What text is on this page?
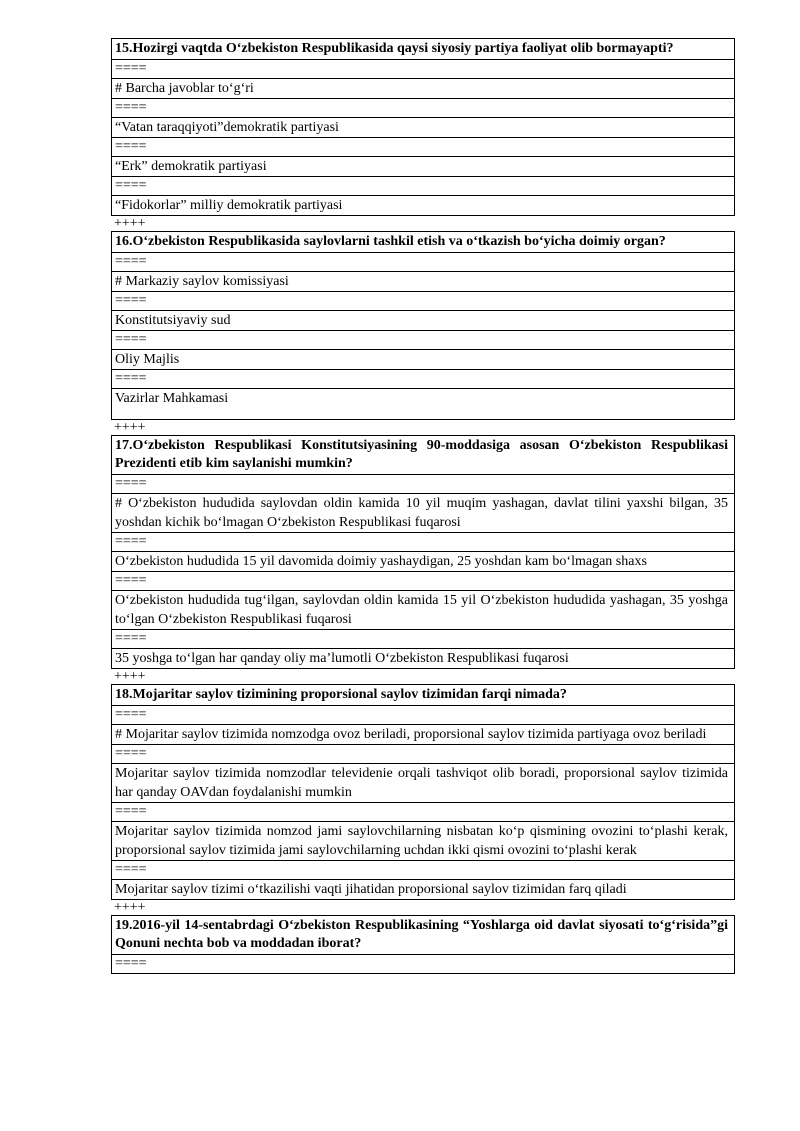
15.Hozirgi vaqtda O‘zbekiston Respublikasida qaysi siyosiy partiya faoliyat olib bormayapti?
====
# Barcha javoblar to‘g‘ri
====
“Vatan taraqqiyoti”demokratik partiyasi
====
“Erk” demokratik partiyasi
====
“Fidokorlar” milliy demokratik partiyasi
++++
16.O‘zbekiston Respublikasida saylovlarni tashkil etish va o‘tkazish bo‘yicha doimiy organ?
====
# Markaziy saylov komissiyasi
====
Konstitutsiyaviy sud
====
Oliy Majlis
====
Vazirlar Mahkamasi
++++
17.O‘zbekiston Respublikasi Konstitutsiyasining 90-moddasiga asosan O‘zbekiston Respublikasi Prezidenti etib kim saylanishi mumkin?
====
# O‘zbekiston hududida saylovdan oldin kamida 10 yil muqim yashagan, davlat tilini yaxshi bilgan, 35 yoshdan kichik bo‘lmagan O‘zbekiston Respublikasi fuqarosi
====
O‘zbekiston hududida 15 yil davomida doimiy yashaydigan, 25 yoshdan kam bo‘lmagan shaxs
====
O‘zbekiston hududida tug‘ilgan, saylovdan oldin kamida 15 yil O‘zbekiston hududida yashagan, 35 yoshga to‘lgan O‘zbekiston Respublikasi fuqarosi
====
35 yoshga to‘lgan har qanday oliy ma’lumotli O‘zbekiston Respublikasi fuqarosi
++++
18.Mojaritar saylov tizimining proporsional saylov tizimidan farqi nimada?
====
# Mojaritar saylov tizimida nomzodga ovoz beriladi, proporsional saylov tizimida partiyaga ovoz beriladi
====
Mojaritar saylov tizimida nomzodlar televidenie orqali tashviqot olib boradi, proporsional saylov tizimida har qanday OAVdan foydalanishi mumkin
====
Mojaritar saylov tizimida nomzod jami saylovchilarning nisbatan ko‘p qismining ovozini to‘plashi kerak, proporsional saylov tizimida jami saylovchilarning uchdan ikki qismi ovozini to‘plashi kerak
====
Mojaritar saylov tizimi o‘tkazilishi vaqti jihatidan proporsional saylov tizimidan farq qiladi
++++
19.2016-yil 14-sentabrdagi O‘zbekiston Respublikasining “Yoshlarga oid davlat siyosati to‘g‘risida”gi Qonuni nechta bob va moddadan iborat?
====
